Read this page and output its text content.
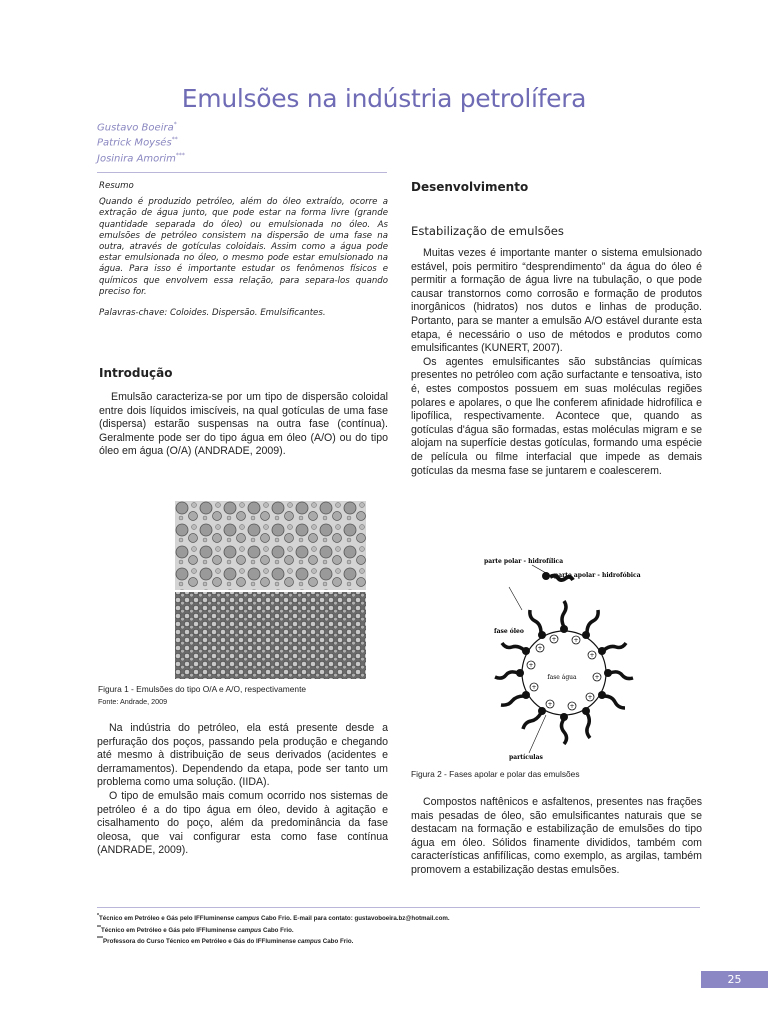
Emulsões na indústria petrolífera
Gustavo Boeira*
Patrick Moysés**
Josinira Amorim***
Resumo
Quando é produzido petróleo, além do óleo extraído, ocorre a extração de água junto, que pode estar na forma livre (grande quantidade separada do óleo) ou emulsionada no óleo. As emulsões de petróleo consistem na dispersão de uma fase na outra, através de gotículas coloidais. Assim como a água pode estar emulsionada no óleo, o mesmo pode estar emulsionado na água. Para isso é importante estudar os fenômenos físicos e químicos que envolvem essa relação, para separa-los quando preciso for.
Palavras-chave: Coloides. Dispersão. Emulsificantes.
Introdução

Emulsão caracteriza-se por um tipo de dispersão coloidal entre dois líquidos imiscíveis, na qual gotículas de uma fase (dispersa) estarão suspensas na outra fase (contínua). Geralmente pode ser do tipo água em óleo (A/O) ou do tipo óleo em água (O/A) (ANDRADE, 2009).

Figura 1 - Emulsões do tipo O/A e A/O, respectivamente
Fonte: Andrade, 2009

Na indústria do petróleo, ela está presente desde a perfuração dos poços, passando pela produção e chegando até mesmo à distribuição de seus derivados (acidentes e derramamentos). Dependendo da etapa, pode ser tanto um problema como uma solução. (IIDA).

O tipo de emulsão mais comum ocorrido nos sistemas de petróleo é a do tipo água em óleo, devido à agitação e cisalhamento do poço, além da predominância da fase oleosa, que vai configurar esta como fase contínua (ANDRADE, 2009).

Desenvolvimento
Estabilização de emulsões

Muitas vezes é importante manter o sistema emulsionado estável, pois permitiro “desprendimento” da água do óleo é permitir a formação de água livre na tubulação, o que pode causar transtornos como corrosão e formação de produtos inorgânicos (hidratos) nos dutos e linhas de produção. Portanto, para se manter a emulsão A/O estável durante esta etapa, é necessário o uso de métodos e produtos como emulsificantes (KUNERT, 2007).

Os agentes emulsificantes são substâncias químicas presentes no petróleo com ação surfactante e tensoativa, isto é, estes compostos possuem em suas moléculas regiões polares e apolares, o que lhe conferem afinidade hidrofílica e lipofílica, respectivamente. Acontece que, quando as gotículas d'água são formadas, estas moléculas migram e se alojam na superfície destas gotículas, formando uma espécie de película ou filme interfacial que impede as demais gotículas da mesma fase se juntarem e coalescerem.

parte polar - hidrofílica
parte apolar - hidrofóbica
fase óleo
+	+
+
+
+
+
+
+
+
+
fase água
partículas
Figura 2 - Fases apolar e polar das emulsões

Compostos naftênicos e asfaltenos, presentes nas frações mais pesadas de óleo, são emulsificantes naturais que se destacam na formação e estabilização de emulsões do tipo água em óleo. Sólidos finamente divididos, também com características anfifílicas, como exemplo, as argilas, também promovem a estabilização destas emulsões.

*Técnico em Petróleo e Gás pelo IFFluminense campus Cabo Frio. E-mail para contato: gustavoboeira.bz@hotmail.com.
**Técnico em Petróleo e Gás pelo IFFluminense campus Cabo Frio.
***Professora do Curso Técnico em Petróleo e Gás do IFFluminense campus Cabo Frio.
25
